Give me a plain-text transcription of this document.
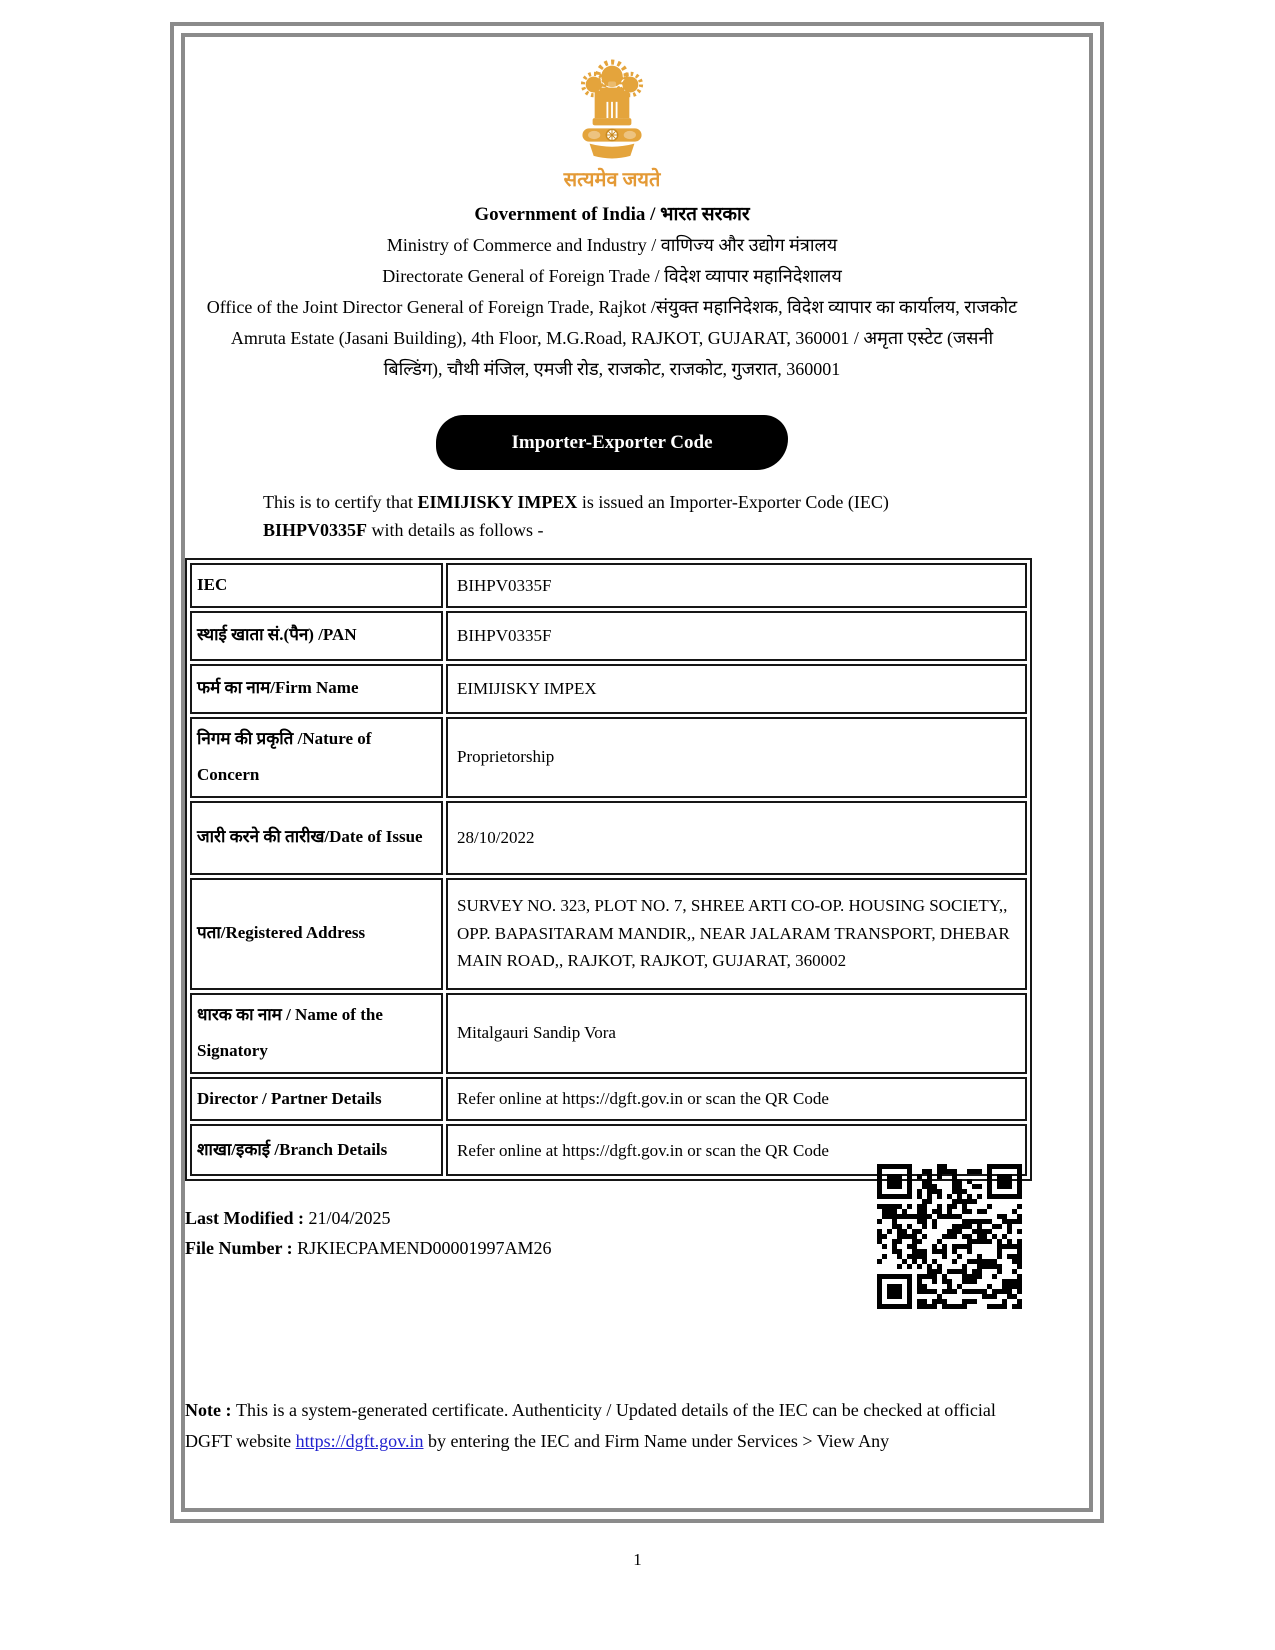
सत्यमेव जयते
Government of India / भारत सरकार
Ministry of Commerce and Industry / वाणिज्य और उद्योग मंत्रालय
Directorate General of Foreign Trade / विदेश व्यापार महानिदेशालय
Office of the Joint Director General of Foreign Trade, Rajkot /संयुक्त महानिदेशक, विदेश व्यापार का कार्यालय, राजकोट
Amruta Estate (Jasani Building), 4th Floor, M.G.Road, RAJKOT, GUJARAT, 360001 / अमृता एस्टेट (जसनी
बिल्डिंग), चौथी मंजिल, एमजी रोड, राजकोट, राजकोट, गुजरात, 360001
Importer-Exporter Code

This is to certify that EIMIJISKY IMPEX is issued an Importer-Exporter Code (IEC) BIHPV0335F with details as follows -

IEC	BIHPV0335F
स्थाई खाता सं.(पैन) /PAN	BIHPV0335F
फर्म का नाम/Firm Name	EIMIJISKY IMPEX
निगम की प्रकृति /Nature of Concern	Proprietorship
जारी करने की तारीख/Date of Issue	28/10/2022
पता/Registered Address	SURVEY NO. 323, PLOT NO. 7, SHREE ARTI CO-OP. HOUSING SOCIETY,, OPP. BAPASITARAM MANDIR,, NEAR JALARAM TRANSPORT, DHEBAR MAIN ROAD,, RAJKOT, RAJKOT, GUJARAT, 360002
धारक का नाम / Name of the Signatory	Mitalgauri Sandip Vora
Director / Partner Details	Refer online at https://dgft.gov.in or scan the QR Code
शाखा/इकाई /Branch Details	Refer online at https://dgft.gov.in or scan the QR Code
Last Modified : 21/04/2025
File Number : RJKIECPAMEND00001997AM26
Note : This is a system-generated certificate. Authenticity / Updated details of the IEC can be checked at official DGFT website https://dgft.gov.in by entering the IEC and Firm Name under Services > View Any
1
